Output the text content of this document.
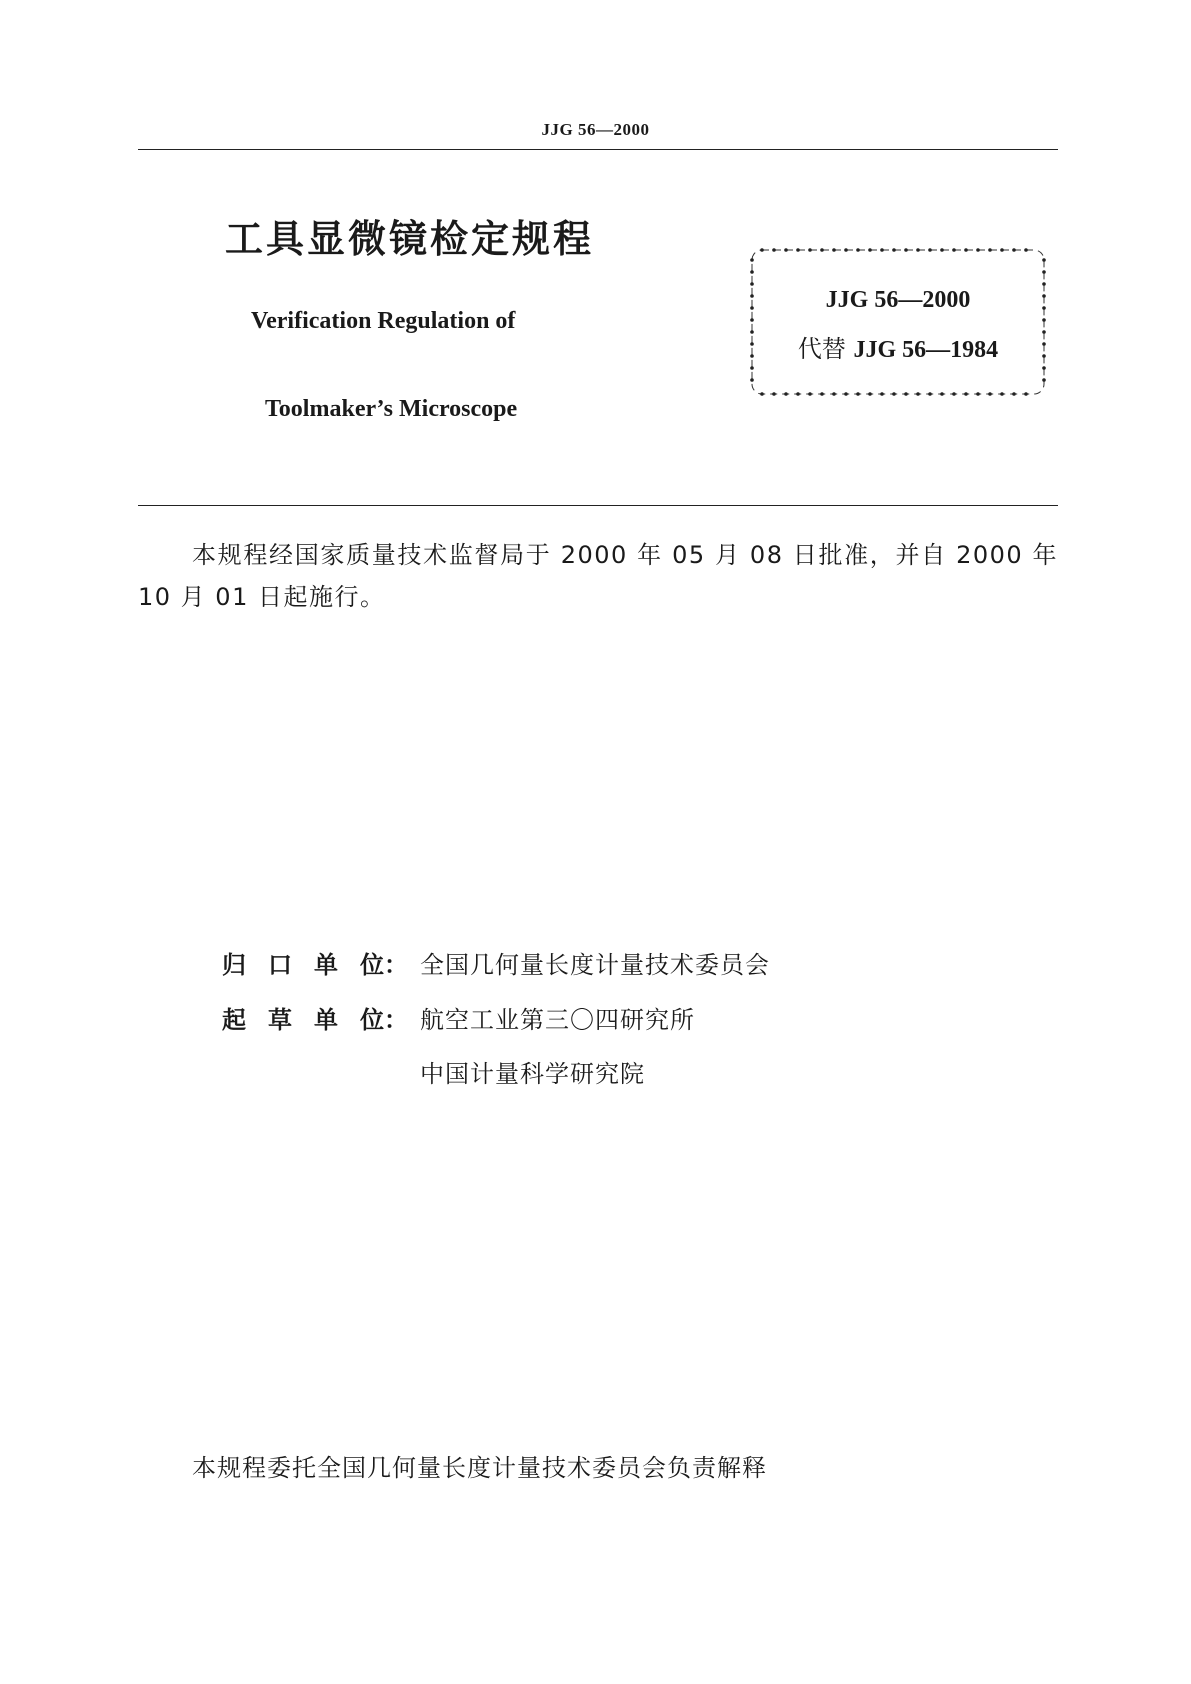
JJG 56—2000
工具显微镜检定规程
Verification Regulation of
Toolmaker’s Microscope
JJG 56—2000
代替 JJG 56—1984
本规程经国家质量技术监督局于 2000 年 05 月 08 日批准，并自 2000 年 10 月 01 日起施行。
归 口 单 位： 全国几何量长度计量技术委员会
起 草 单 位： 航空工业第三〇四研究所
中国计量科学研究院
本规程委托全国几何量长度计量技术委员会负责解释
